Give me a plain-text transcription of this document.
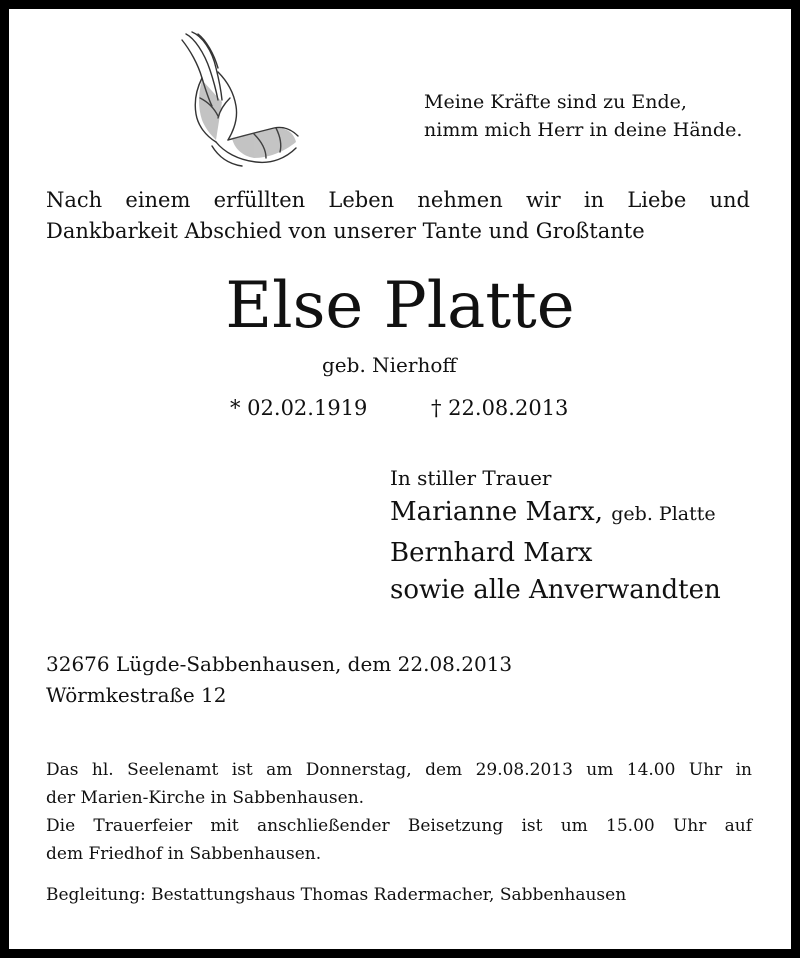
Meine Kräfte sind zu Ende,
nimm mich Herr in deine Hände.
Nach einem erfüllten Leben nehmen wir in Liebe und
Dankbarkeit Abschied von unserer Tante und Großtante
Else Platte
geb. Nierhoff
* 02.02.1919	† 22.08.2013
In stiller Trauer
Marianne Marx, geb. Platte
Bernhard Marx
sowie alle Anverwandten
32676 Lügde-Sabbenhausen, dem 22.08.2013
Wörmkestraße 12
Das hl. Seelenamt ist am Donnerstag, dem 29.08.2013 um 14.00 Uhr in
der Marien-Kirche in Sabbenhausen.
Die Trauerfeier mit anschließender Beisetzung ist um 15.00 Uhr auf
dem Friedhof in Sabbenhausen.
Begleitung: Bestattungshaus Thomas Radermacher, Sabbenhausen
